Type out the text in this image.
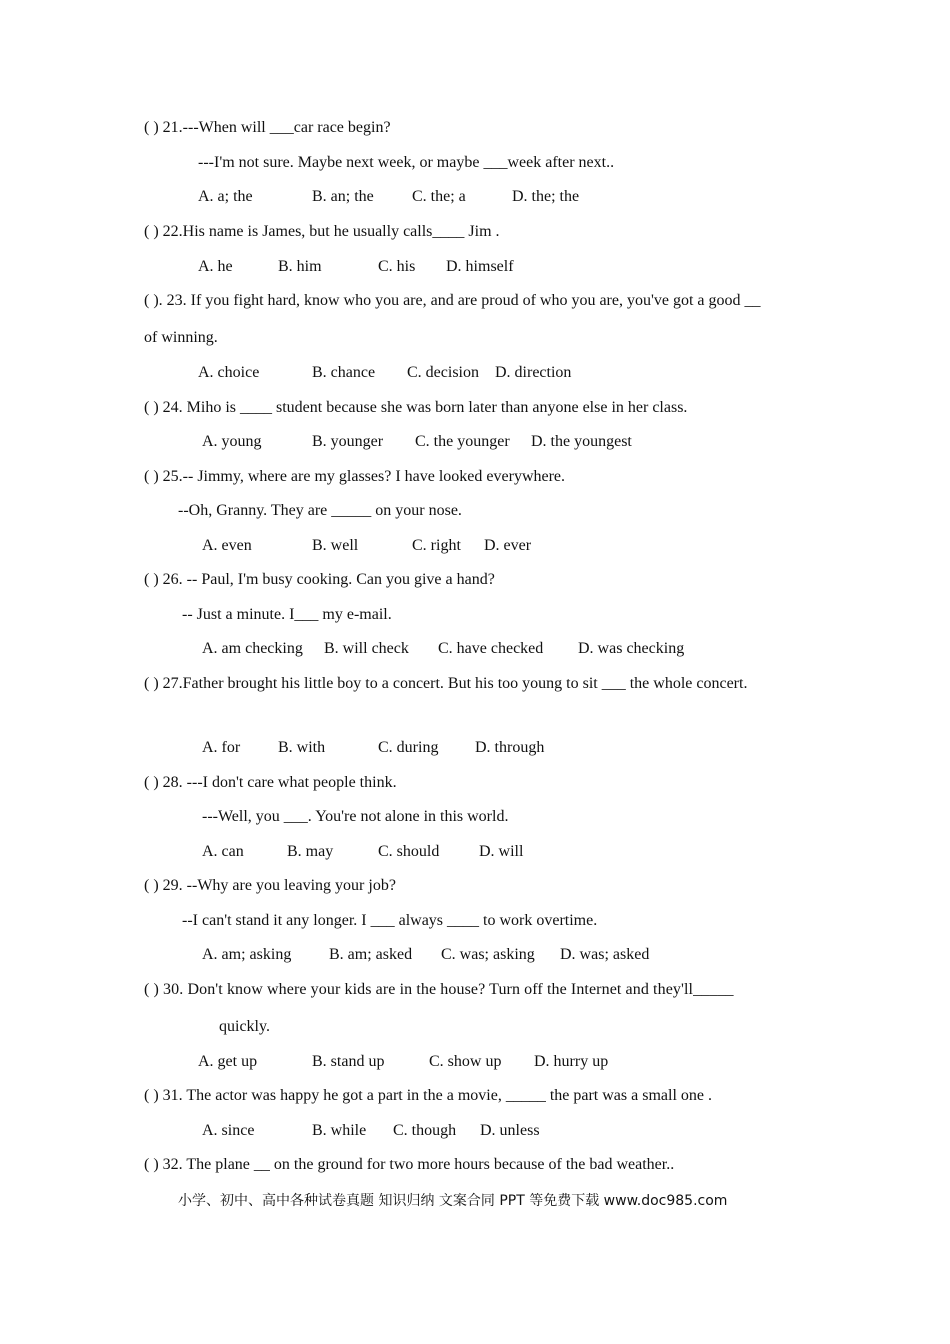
( ) 21.---When will ___car race begin?
---I'm not sure. Maybe next week, or maybe ___week after next..
A. a; the	B. an; the C. the; a	D. the; the
( ) 22.His name is James, but he usually calls____ Jim .
A. he	B. him	C. his D. himself
( ). 23. If you fight hard, know who you are, and are proud of who you are, you've got a good __
of winning.
A. choice	B. chance C. decision D. direction
( ) 24. Miho is ____ student because she was born later than anyone else in her class.
A. young	B. younger C. the younger D. the youngest
( ) 25.-- Jimmy, where are my glasses? I have looked everywhere.
--Oh, Granny. They are _____ on your nose.
A. even	B. well	C. right D. ever
( ) 26. -- Paul, I'm busy cooking. Can you give a hand?
-- Just a minute. I___ my e-mail.
A. am checking B. will check C. have checked D. was checking
( ) 27.Father brought his little boy to a concert. But his too young to sit ___ the whole concert.
A. for B. with	C. during D. through
( ) 28. ---I don't care what people think.
---Well, you ___. You're not alone in this world.
A. can	B. may	C. should D. will
( ) 29. --Why are you leaving your job?
--I can't stand it any longer. I ___ always ____ to work overtime.
A. am; asking B. am; asked C. was; asking D. was; asked
( ) 30. Don't know where your kids are in the house? Turn off the Internet and they'll_____
quickly.
A. get up	B. stand up	C. show up D. hurry up
( ) 31. The actor was happy he got a part in the a movie, _____ the part was a small one .
A. since	B. while C. though D. unless
( ) 32. The plane __ on the ground for two more hours because of the bad weather..
小学、初中、高中各种试卷真题 知识归纳 文案合同 PPT 等免费下载 www.doc985.com
